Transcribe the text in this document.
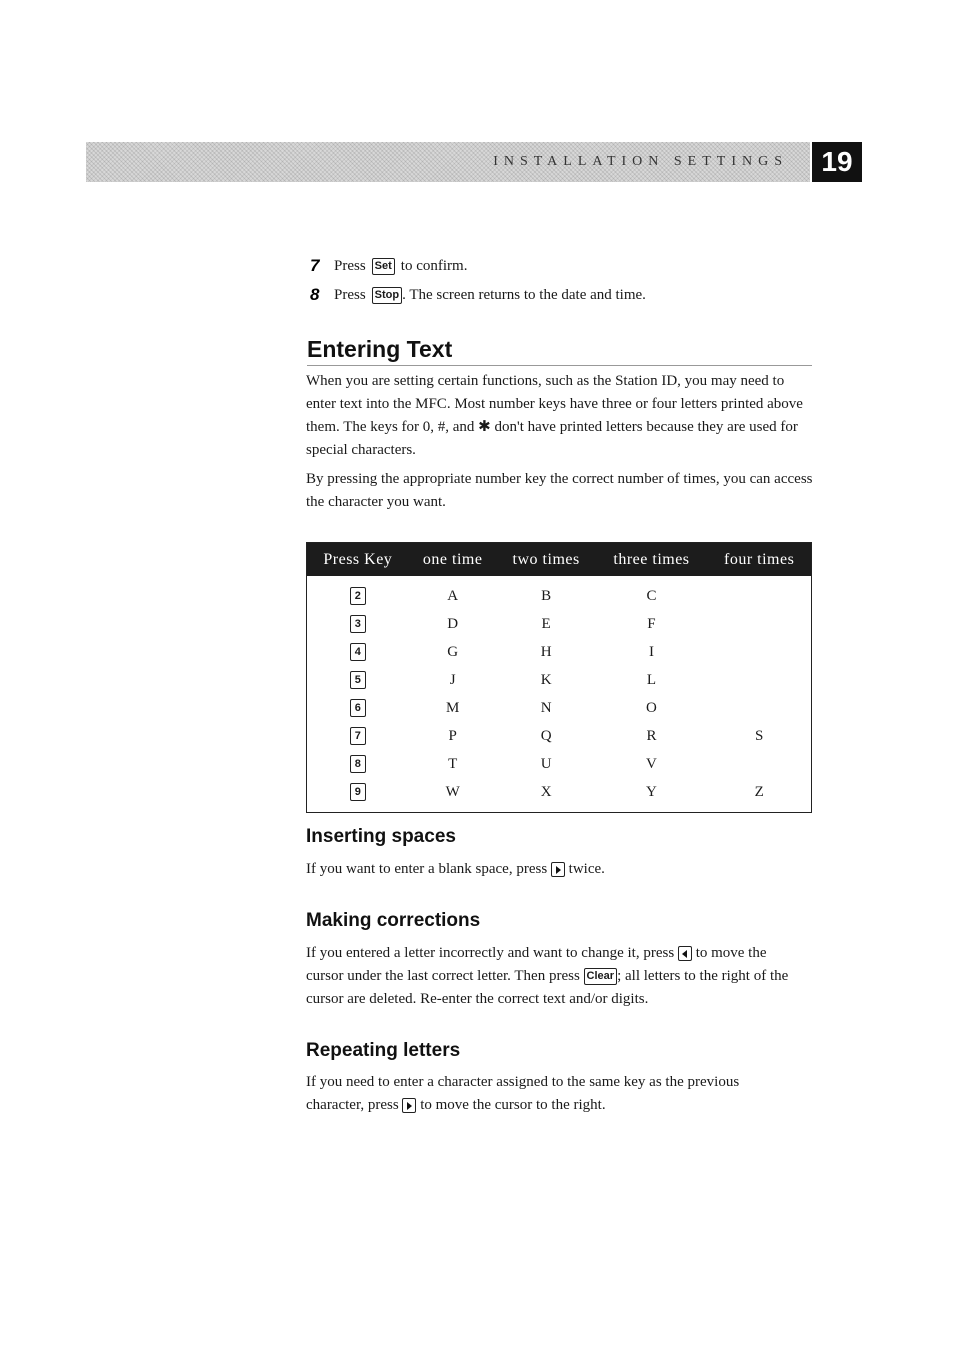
INSTALLATION SETTINGS	19
7 Press Set to confirm.
8 Press Stop . The screen returns to the date and time.
Entering Text

When you are setting certain functions, such as the Station ID, you may need to enter text into the MFC. Most number keys have three or four letters printed above them. The keys for 0, #, and ✱ don't have printed letters because they are used for special characters.

By pressing the appropriate number key the correct number of times, you can access the character you want.

Press Key	one time	two times	three times	four times
2	A	B	C	
3	D	E	F	
4	G	H	I	
5	J	K	L	
6	M	N	O	
7	P	Q	R	S
8	T	U	V	
9	W	X	Y	Z
Inserting spaces

If you want to enter a blank space, press twice.

Making corrections

If you entered a letter incorrectly and want to change it, press to move the cursor under the last correct letter. Then press Clear ; all letters to the right of the cursor are deleted. Re-enter the correct text and/or digits.

Repeating letters

If you need to enter a character assigned to the same key as the previous character, press to move the cursor to the right.
